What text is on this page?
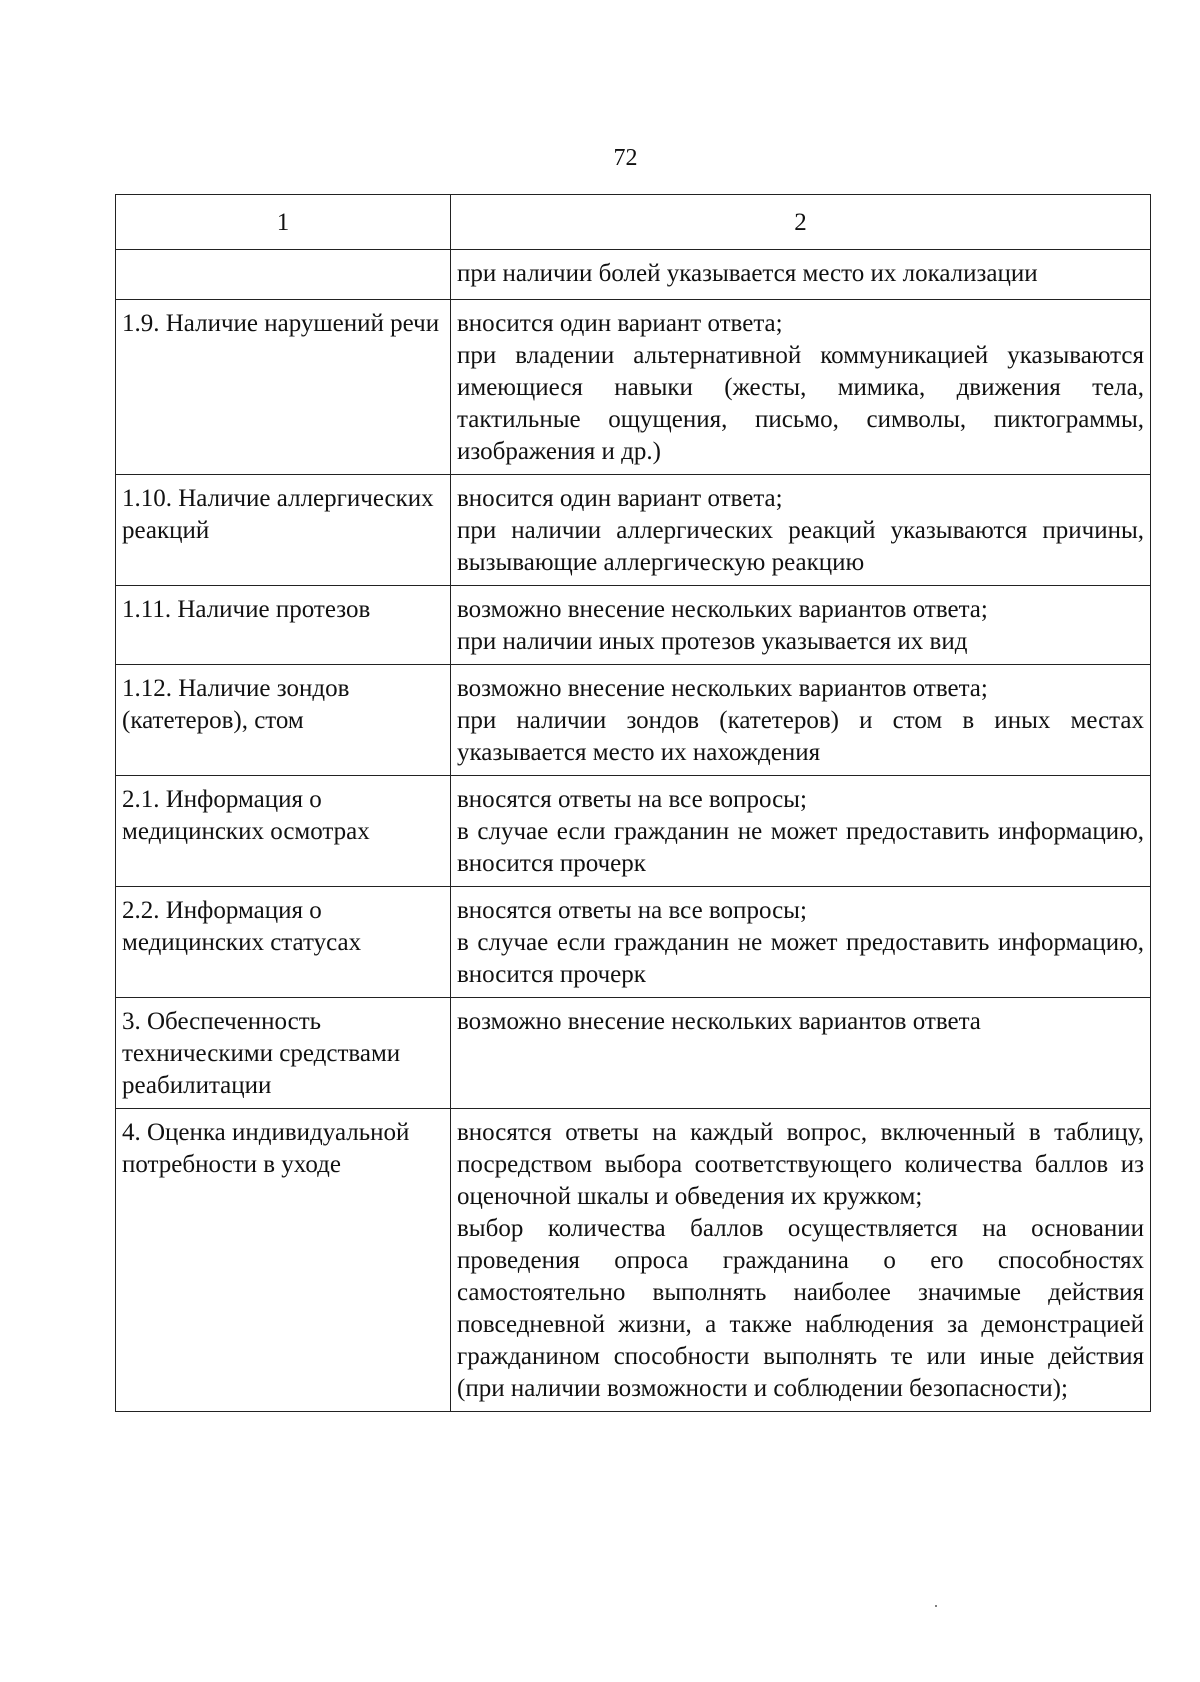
72
1	2

	при наличии болей указывается место их локализации

1.9. Наличие нарушений речи	вносится один вариант ответа;
при владении альтернативной коммуникацией указываются имеющиеся навыки (жесты, мимика, движения тела, тактильные ощущения, письмо, символы, пиктограммы, изображения и др.)

1.10. Наличие аллергических реакций	вносится один вариант ответа;
при наличии аллергических реакций указываются причины, вызывающие аллергическую реакцию

1.11. Наличие протезов	возможно внесение нескольких вариантов ответа;
при наличии иных протезов указывается их вид

1.12. Наличие зондов (катетеров), стом	возможно внесение нескольких вариантов ответа;
при наличии зондов (катетеров) и стом в иных местах указывается место их нахождения

2.1. Информация о медицинских осмотрах	вносятся ответы на все вопросы;
в случае если гражданин не может предоставить информацию, вносится прочерк

2.2. Информация о медицинских статусах	вносятся ответы на все вопросы;
в случае если гражданин не может предоставить информацию, вносится прочерк

3. Обеспеченность техническими средствами реабилитации	возможно внесение нескольких вариантов ответа

4. Оценка индивидуальной потребности в уходе	вносятся ответы на каждый вопрос, включенный в таблицу, посредством выбора соответствующего количества баллов из оценочной шкалы и обведения их кружком;
выбор количества баллов осуществляется на основании проведения опроса гражданина о его способностях самостоятельно выполнять наиболее значимые действия повседневной жизни, а также наблюдения за демонстрацией гражданином способности выполнять те или иные действия (при наличии возможности и соблюдении безопасности);
